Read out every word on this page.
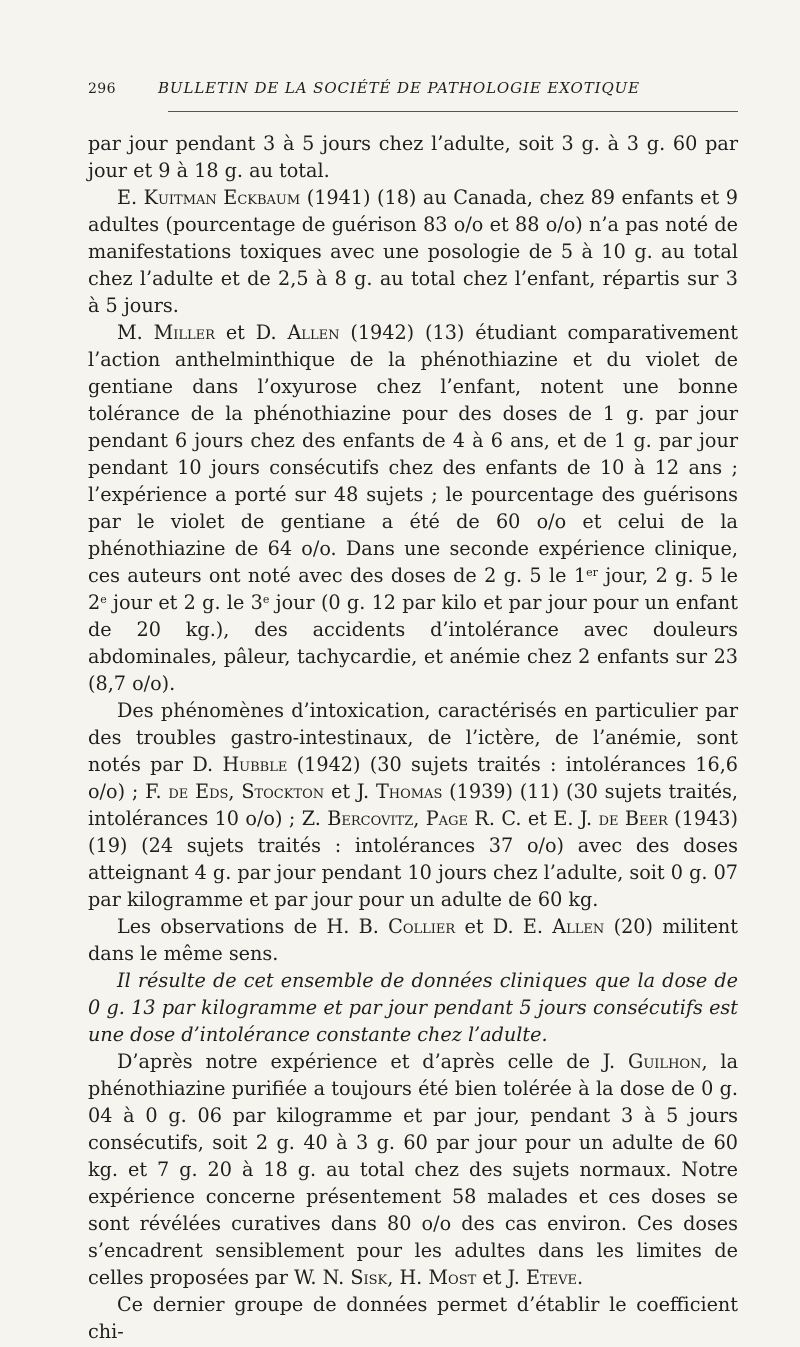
296	BULLETIN DE LA SOCIÉTÉ DE PATHOLOGIE EXOTIQUE

par jour pendant 3 à 5 jours chez l’adulte, soit 3 g. à 3 g. 60 par jour et 9 à 18 g. au total.

E. Kuitman Eckbaum (1941) (18) au Canada, chez 89 enfants et 9 adultes (pourcentage de guérison 83 o/o et 88 o/o) n’a pas noté de manifestations toxiques avec une posologie de 5 à 10 g. au total chez l’adulte et de 2,5 à 8 g. au total chez l’enfant, répartis sur 3 à 5 jours.

M. Miller et D. Allen (1942) (13) étudiant comparativement l’action anthelminthique de la phénothiazine et du violet de gentiane dans l’oxyurose chez l’enfant, notent une bonne tolérance de la phénothiazine pour des doses de 1 g. par jour pendant 6 jours chez des enfants de 4 à 6 ans, et de 1 g. par jour pendant 10 jours consécutifs chez des enfants de 10 à 12 ans ; l’expérience a porté sur 48 sujets ; le pourcentage des guérisons par le violet de gentiane a été de 60 o/o et celui de la phénothiazine de 64 o/o. Dans une seconde expérience clinique, ces auteurs ont noté avec des doses de 2 g. 5 le 1er jour, 2 g. 5 le 2e jour et 2 g. le 3e jour (0 g. 12 par kilo et par jour pour un enfant de 20 kg.), des accidents d’intolérance avec douleurs abdominales, pâleur, tachycardie, et anémie chez 2 enfants sur 23 (8,7 o/o).

Des phénomènes d’intoxication, caractérisés en particulier par des troubles gastro-intestinaux, de l’ictère, de l’anémie, sont notés par D. Hubble (1942) (30 sujets traités : intolérances 16,6 o/o) ; F. de Eds, Stockton et J. Thomas (1939) (11) (30 sujets traités, intolérances 10 o/o) ; Z. Bercovitz, Page R. C. et E. J. de Beer (1943) (19) (24 sujets traités : intolérances 37 o/o) avec des doses atteignant 4 g. par jour pendant 10 jours chez l’adulte, soit 0 g. 07 par kilogramme et par jour pour un adulte de 60 kg.

Les observations de H. B. Collier et D. E. Allen (20) militent dans le même sens.

Il résulte de cet ensemble de données cliniques que la dose de 0 g. 13 par kilogramme et par jour pendant 5 jours consécutifs est une dose d’intolérance constante chez l’adulte.

D’après notre expérience et d’après celle de J. Guilhon, la phénothiazine purifiée a toujours été bien tolérée à la dose de 0 g. 04 à 0 g. 06 par kilogramme et par jour, pendant 3 à 5 jours consécutifs, soit 2 g. 40 à 3 g. 60 par jour pour un adulte de 60 kg. et 7 g. 20 à 18 g. au total chez des sujets normaux. Notre expérience concerne présentement 58 malades et ces doses se sont révélées curatives dans 80 o/o des cas environ. Ces doses s’encadrent sensiblement pour les adultes dans les limites de celles proposées par W. N. Sisk, H. Most et J. Eteve.

Ce dernier groupe de données permet d’établir le coefficient chi-
